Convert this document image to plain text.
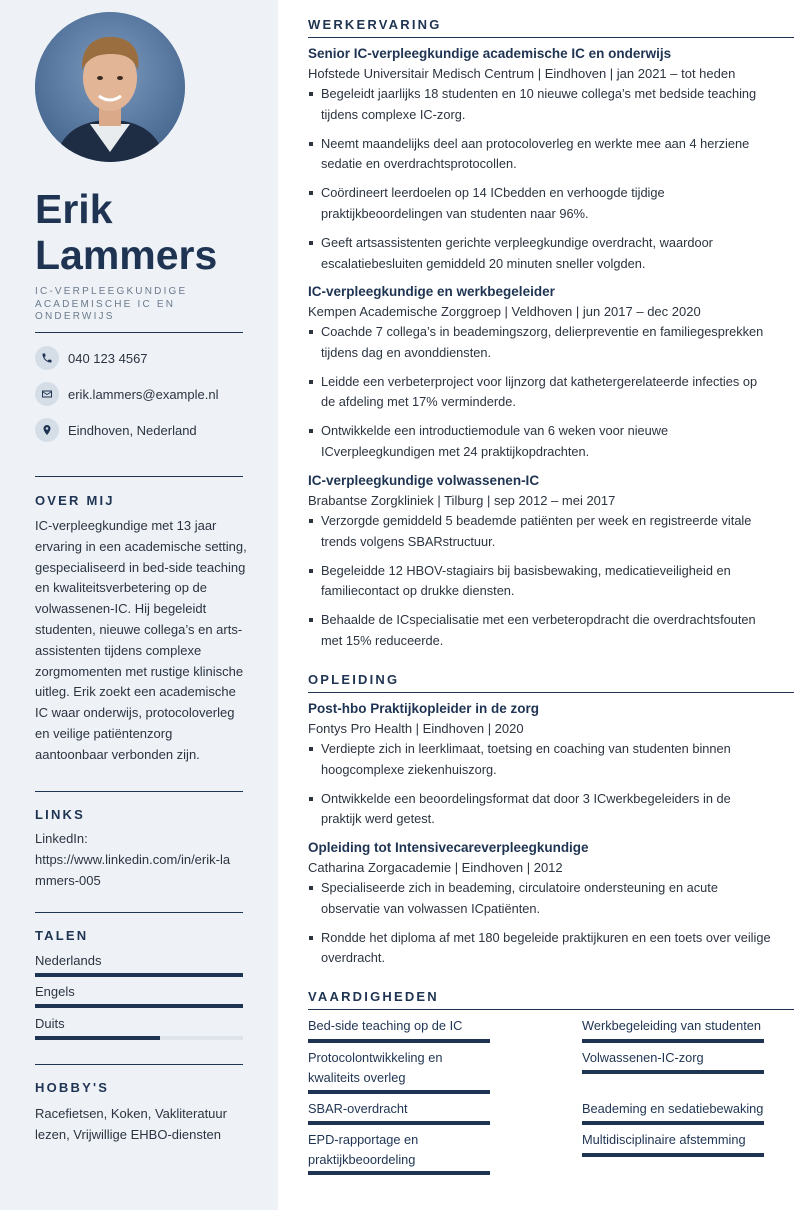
Erik
Lammers
IC-VERPLEEGKUNDIGE ACADEMISCHE IC EN ONDERWIJS
040 123 4567
erik.lammers@example.nl
Eindhoven, Nederland
OVER MIJ

IC-verpleegkundige met 13 jaar ervaring in een academische setting, gespecialiseerd in bed-side teaching en kwaliteitsverbetering op de volwassenen-IC. Hij begeleidt studenten, nieuwe collega’s en arts-assistenten tijdens complexe zorgmomenten met rustige klinische uitleg. Erik zoekt een academische IC waar onderwijs, protocoloverleg en veilige patiëntenzorg aantoonbaar verbonden zijn.

LINKS

LinkedIn:
https://www.linkedin.com/in/erik-la
mmers-005

TALEN
Nederlands
Engels
Duits
HOBBY'S

Racefietsen, Koken, Vakliteratuur lezen, Vrijwillige EHBO-diensten

WERKERVARING
Senior IC-verpleegkundige academische IC en onderwijs
Hofstede Universitair Medisch Centrum | Eindhoven | jan 2021 – tot heden
Begeleidt jaarlijks 18 studenten en 10 nieuwe collega’s met bedside teaching tijdens complexe IC-zorg.
Neemt maandelijks deel aan protocoloverleg en werkte mee aan 4 herziene sedatie en overdrachtsprotocollen.
Coördineert leerdoelen op 14 ICbedden en verhoogde tijdige praktijkbeoordelingen van studenten naar 96%.
Geeft artsassistenten gerichte verpleegkundige overdracht, waardoor escalatiebesluiten gemiddeld 20 minuten sneller volgden.
IC-verpleegkundige en werkbegeleider
Kempen Academische Zorggroep | Veldhoven | jun 2017 – dec 2020
Coachde 7 collega’s in beademingszorg, delierpreventie en familiegesprekken tijdens dag en avonddiensten.
Leidde een verbeterproject voor lijnzorg dat kathetergerelateerde infecties op de afdeling met 17% verminderde.
Ontwikkelde een introductiemodule van 6 weken voor nieuwe ICverpleegkundigen met 24 praktijkopdrachten.
IC-verpleegkundige volwassenen-IC
Brabantse Zorgkliniek | Tilburg | sep 2012 – mei 2017
Verzorgde gemiddeld 5 beademde patiënten per week en registreerde vitale trends volgens SBARstructuur.
Begeleidde 12 HBOV-stagiairs bij basisbewaking, medicatieveiligheid en familiecontact op drukke diensten.
Behaalde de ICspecialisatie met een verbeteropdracht die overdrachtsfouten met 15% reduceerde.
OPLEIDING
Post-hbo Praktijkopleider in de zorg
Fontys Pro Health | Eindhoven | 2020
Verdiepte zich in leerklimaat, toetsing en coaching van studenten binnen hoogcomplexe ziekenhuiszorg.
Ontwikkelde een beoordelingsformat dat door 3 ICwerkbegeleiders in de praktijk werd getest.
Opleiding tot Intensivecareverpleegkundige
Catharina Zorgacademie | Eindhoven | 2012
Specialiseerde zich in beademing, circulatoire ondersteuning en acute observatie van volwassen ICpatiënten.
Rondde het diploma af met 180 begeleide praktijkuren en een toets over veilige overdracht.
VAARDIGHEDEN
Bed-side teaching op de IC	Werkbegeleiding van studenten
Protocolontwikkeling en kwaliteits overleg
Volwassenen-IC-zorg
SBAR-overdracht	Beademing en sedatiebewaking
EPD-rapportage en praktijkbeoordeling
Multidisciplinaire afstemming
